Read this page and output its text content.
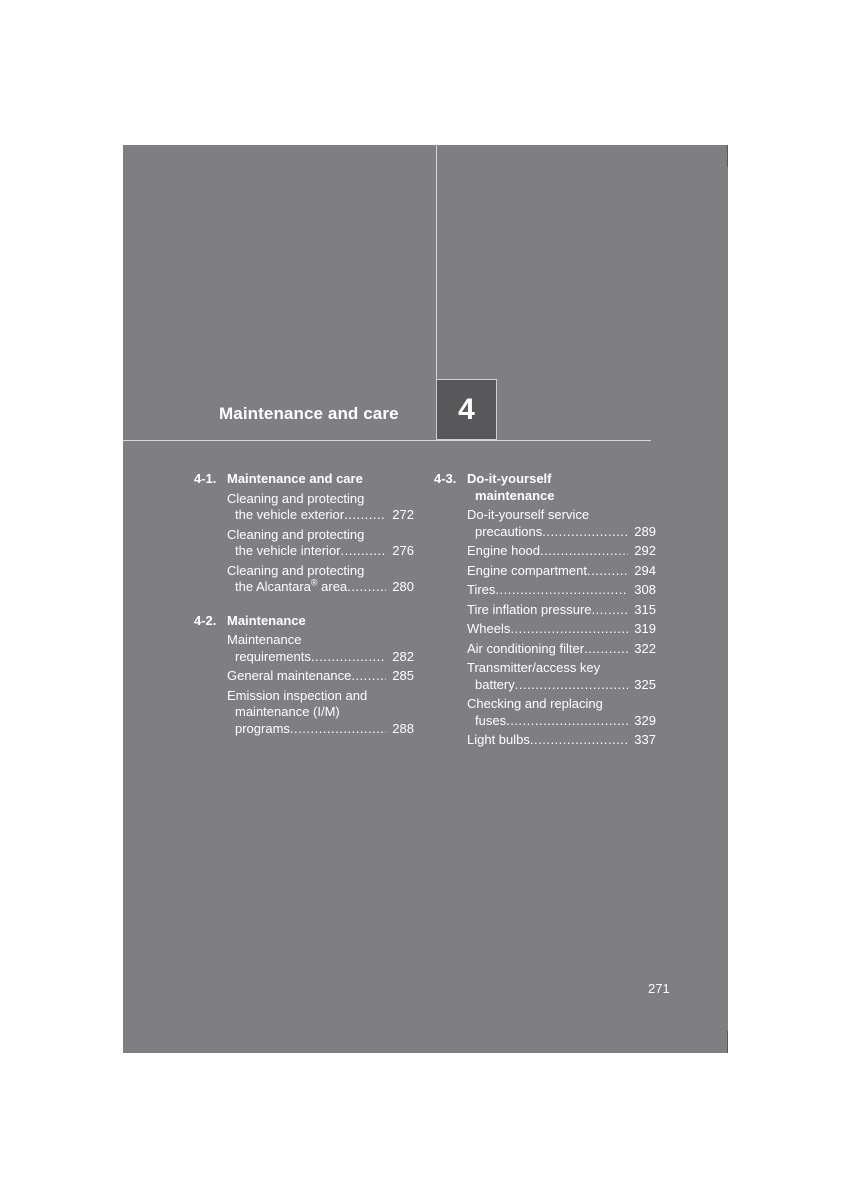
Maintenance and care 4
4-1. Maintenance and care
Cleaning and protecting
the vehicle exterior .....	272
Cleaning and protecting
the vehicle interior .....	276
Cleaning and protecting
the Alcantara® area .....	280
4-2. Maintenance
Maintenance
requirements .....	282
General maintenance .....	285
Emission inspection and
maintenance (I/M)
programs .....	288
4-3. Do-it-yourself
maintenance
Do-it-yourself service
precautions .....	289
Engine hood .....	292
Engine compartment .....	294
Tires .....	308
Tire inflation pressure .....	315
Wheels .....	319
Air conditioning filter .....	322
Transmitter/access key
battery .....	325
Checking and replacing
fuses .....	329
Light bulbs .....	337
271
